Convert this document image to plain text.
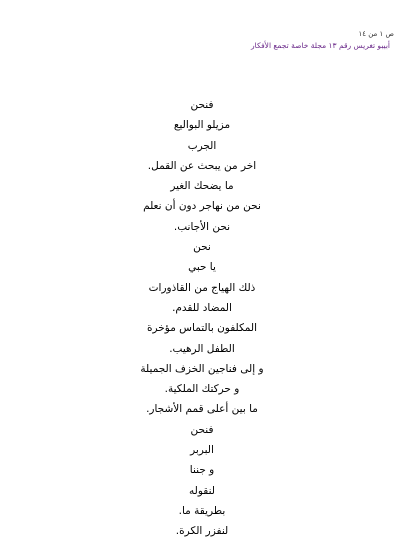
ص ١ من ١٤
أبيبو تغريس رقم ١٣ مجلة خاصة تجمع الأفكار
فنحن
مزيلو البواليع
الجرب
اخر من يبحث عن القمل.
ما يضحك الغير
نحن من نهاجر دون أن نعلم
نحن الأجانب.
نحن
يا حبي
ذلك الهياج من القاذورات
المضاد للقدم.
المكلفون بالتماس مؤخرة
الطفل الرهيب.
و إلى فناجين الخزف الجميلة
و حركتك الملكية.
ما بين أعلى قمم الأشجار.
فنحن
البربر
و جننا
لنقوله
بطريقة ما.
لنفزر الكرة.
